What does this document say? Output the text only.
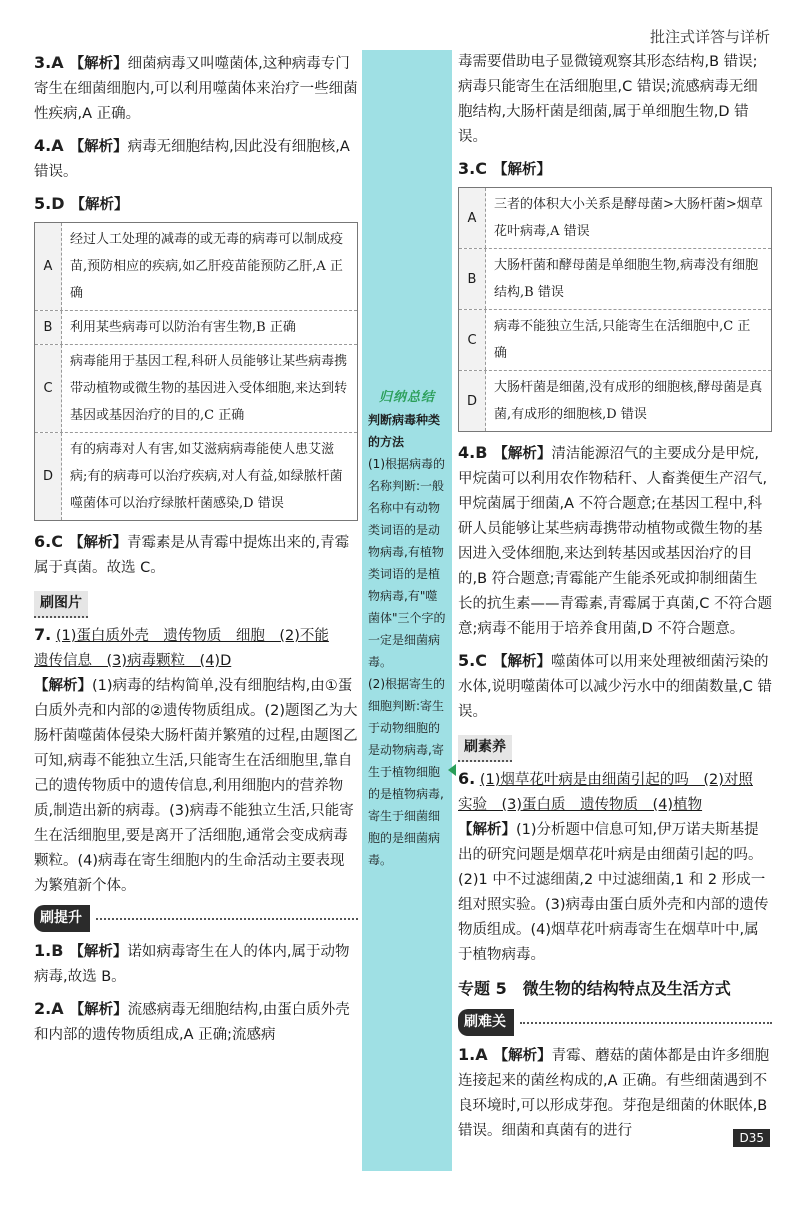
批注式详答与详析
3.A 【解析】细菌病毒又叫噬菌体,这种病毒专门寄生在细菌细胞内,可以利用噬菌体来治疗一些细菌性疾病,A 正确。
4.A 【解析】病毒无细胞结构,因此没有细胞核,A 错误。
5.D 【解析】
A
经过人工处理的减毒的或无毒的病毒可以制成疫苗,预防相应的疾病,如乙肝疫苗能预防乙肝,A 正确
B	利用某些病毒可以防治有害生物,B 正确
C
病毒能用于基因工程,科研人员能够让某些病毒携带动植物或微生物的基因进入受体细胞,来达到转基因或基因治疗的目的,C 正确
D
有的病毒对人有害,如艾滋病病毒能使人患艾滋病;有的病毒可以治疗疾病,对人有益,如绿脓杆菌噬菌体可以治疗绿脓杆菌感染,D 错误
6.C 【解析】青霉素是从青霉中提炼出来的,青霉属于真菌。故选 C。
刷图片
7. (1)蛋白质外壳　遗传物质　细胞　(2)不能
遗传信息　(3)病毒颗粒　(4)D
【解析】(1)病毒的结构简单,没有细胞结构,由①蛋白质外壳和内部的②遗传物质组成。(2)题图乙为大肠杆菌噬菌体侵染大肠杆菌并繁殖的过程,由题图乙可知,病毒不能独立生活,只能寄生在活细胞里,靠自己的遗传物质中的遗传信息,利用细胞内的营养物质,制造出新的病毒。(3)病毒不能独立生活,只能寄生在活细胞里,要是离开了活细胞,通常会变成病毒颗粒。(4)病毒在寄生细胞内的生命活动主要表现为繁殖新个体。
刷提升
1.B 【解析】诺如病毒寄生在人的体内,属于动物病毒,故选 B。
2.A 【解析】流感病毒无细胞结构,由蛋白质外壳和内部的遗传物质组成,A 正确;流感病
归纳总结
判断病毒种类的方法
(1)根据病毒的名称判断:一般名称中有动物类词语的是动物病毒,有植物类词语的是植物病毒,有"噬菌体"三个字的一定是细菌病毒。
(2)根据寄生的细胞判断:寄生于动物细胞的是动物病毒,寄生于植物细胞的是植物病毒,寄生于细菌细胞的是细菌病毒。
毒需要借助电子显微镜观察其形态结构,B 错误;病毒只能寄生在活细胞里,C 错误;流感病毒无细胞结构,大肠杆菌是细菌,属于单细胞生物,D 错误。
3.C 【解析】
A
三者的体积大小关系是酵母菌>大肠杆菌>烟草花叶病毒,A 错误
B
大肠杆菌和酵母菌是单细胞生物,病毒没有细胞结构,B 错误
C
病毒不能独立生活,只能寄生在活细胞中,C 正确
D
大肠杆菌是细菌,没有成形的细胞核,酵母菌是真菌,有成形的细胞核,D 错误
4.B 【解析】清洁能源沼气的主要成分是甲烷,甲烷菌可以利用农作物秸秆、人畜粪便生产沼气,甲烷菌属于细菌,A 不符合题意;在基因工程中,科研人员能够让某些病毒携带动植物或微生物的基因进入受体细胞,来达到转基因或基因治疗的目的,B 符合题意;青霉能产生能杀死或抑制细菌生长的抗生素——青霉素,青霉属于真菌,C 不符合题意;病毒不能用于培养食用菌,D 不符合题意。
5.C 【解析】噬菌体可以用来处理被细菌污染的水体,说明噬菌体可以减少污水中的细菌数量,C 错误。
刷素养
6. (1)烟草花叶病是由细菌引起的吗　(2)对照
实验　(3)蛋白质　遗传物质　(4)植物
【解析】(1)分析题中信息可知,伊万诺夫斯基提出的研究问题是烟草花叶病是由细菌引起的吗。(2)1 中不过滤细菌,2 中过滤细菌,1 和 2 形成一组对照实验。(3)病毒由蛋白质外壳和内部的遗传物质组成。(4)烟草花叶病毒寄生在烟草叶中,属于植物病毒。
专题 5　微生物的结构特点及生活方式
刷难关
1.A 【解析】青霉、蘑菇的菌体都是由许多细胞连接起来的菌丝构成的,A 正确。有些细菌遇到不良环境时,可以形成芽孢。芽孢是细菌的休眠体,B 错误。细菌和真菌有的进行	D35
